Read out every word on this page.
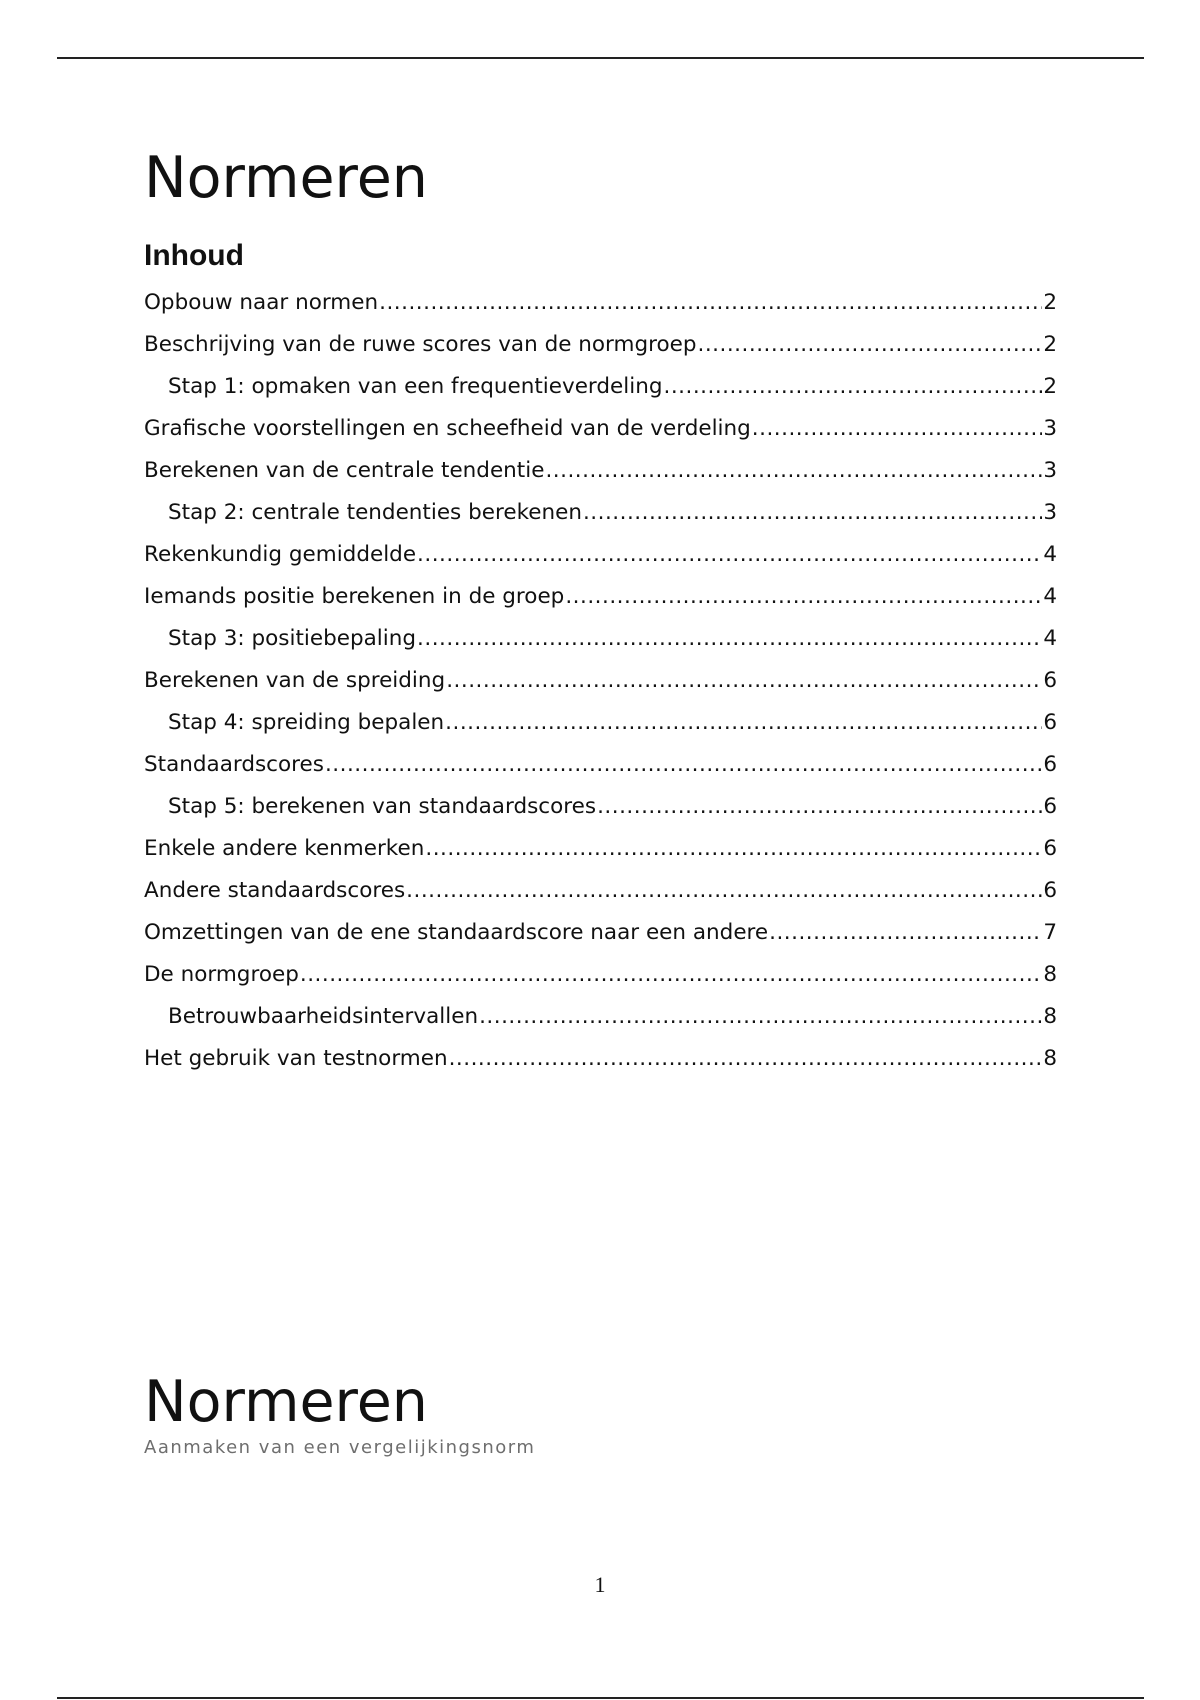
Normeren
Inhoud
Opbouw naar normen .....	2
Beschrijving van de ruwe scores van de normgroep .....	2
Stap 1: opmaken van een frequentieverdeling .....	2
Grafische voorstellingen en scheefheid van de verdeling .....	3
Berekenen van de centrale tendentie .....	3
Stap 2: centrale tendenties berekenen .....	3
Rekenkundig gemiddelde .....	4
Iemands positie berekenen in de groep .....	4
Stap 3: positiebepaling .....	4
Berekenen van de spreiding .....	6
Stap 4: spreiding bepalen .....	6
Standaardscores .....	6
Stap 5: berekenen van standaardscores .....	6
Enkele andere kenmerken .....	6
Andere standaardscores .....	6
Omzettingen van de ene standaardscore naar een andere .....	7
De normgroep .....	8
Betrouwbaarheidsintervallen .....	8
Het gebruik van testnormen .....	8
Normeren
Aanmaken van een vergelijkingsnorm
1
